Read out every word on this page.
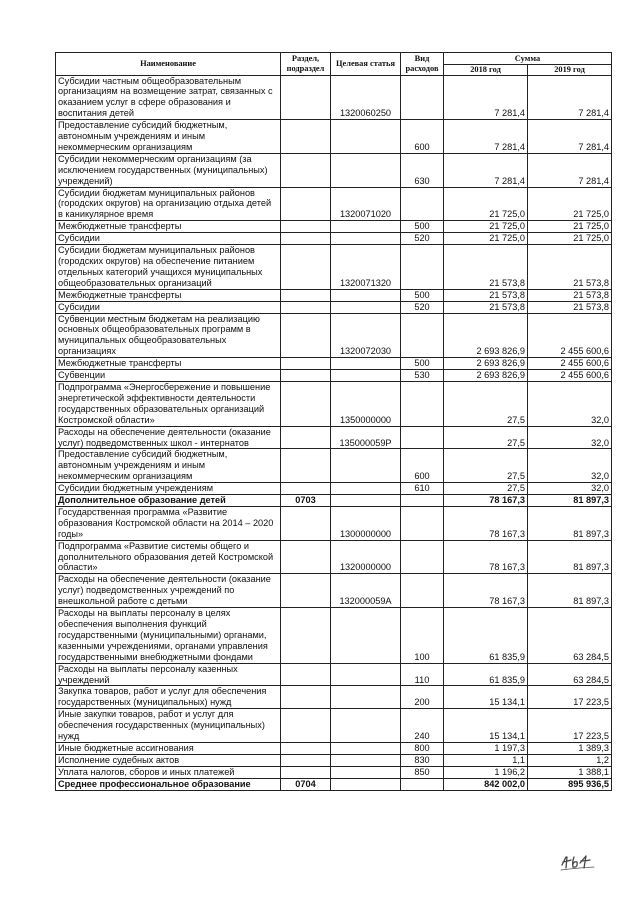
Наименование	Раздел, подраздел	Целевая статья	Вид расходов	Сумма	
				2018 год	2019 год
Субсидии частным общеобразовательным организациям на возмещение затрат, связанных с оказанием услуг в сфере образования и воспитания детей		1320060250		7 281,4	7 281,4
Предоставление субсидий бюджетным, автономным учреждениям и иным некоммерческим организациям			600	7 281,4	7 281,4
Субсидии некоммерческим организациям (за исключением государственных (муниципальных) учреждений)			630	7 281,4	7 281,4
Субсидии бюджетам муниципальных районов (городских округов) на организацию отдыха детей в каникулярное время		1320071020		21 725,0	21 725,0
Межбюджетные трансферты			500	21 725,0	21 725,0
Субсидии			520	21 725,0	21 725,0
Субсидии бюджетам муниципальных районов (городских округов) на обеспечение питанием отдельных категорий учащихся муниципальных общеобразовательных организаций		1320071320		21 573,8	21 573,8
Межбюджетные трансферты			500	21 573,8	21 573,8
Субсидии			520	21 573,8	21 573,8
Субвенции местным бюджетам на реализацию основных общеобразовательных программ в муниципальных общеобразовательных организациях		1320072030		2 693 826,9	2 455 600,6
Межбюджетные трансферты			500	2 693 826,9	2 455 600,6
Субвенции			530	2 693 826,9	2 455 600,6
Подпрограмма «Энергосбережение и повышение энергетической эффективности деятельности государственных образовательных организаций Костромской области»		1350000000		27,5	32,0
Расходы на обеспечение деятельности (оказание услуг) подведомственных школ - интернатов		135000059Р		27,5	32,0
Предоставление субсидий бюджетным, автономным учреждениям и иным некоммерческим организациям			600	27,5	32,0
Субсидии бюджетным учреждениям			610	27,5	32,0
Дополнительное образование детей	0703			78 167,3	81 897,3
Государственная программа «Развитие образования Костромской области на 2014 – 2020 годы»		1300000000		78 167,3	81 897,3
Подпрограмма «Развитие системы общего и дополнительного образования детей Костромской области»		1320000000		78 167,3	81 897,3
Расходы на обеспечение деятельности (оказание услуг) подведомственных учреждений по внешкольной работе с детьми		132000059А		78 167,3	81 897,3
Расходы на выплаты персоналу в целях обеспечения выполнения функций государственными (муниципальными) органами, казенными учреждениями, органами управления государственными внебюджетными фондами			100	61 835,9	63 284,5
Расходы на выплаты персоналу казенных учреждений			110	61 835,9	63 284,5
Закупка товаров, работ и услуг для обеспечения государственных (муниципальных) нужд			200	15 134,1	17 223,5
Иные закупки товаров, работ и услуг для обеспечения государственных (муниципальных) нужд			240	15 134,1	17 223,5
Иные бюджетные ассигнования			800	1 197,3	1 389,3
Исполнение судебных актов			830	1,1	1,2
Уплата налогов, сборов и иных платежей			850	1 196,2	1 388,1
Среднее профессиональное образование	0704			842 002,0	895 936,5
